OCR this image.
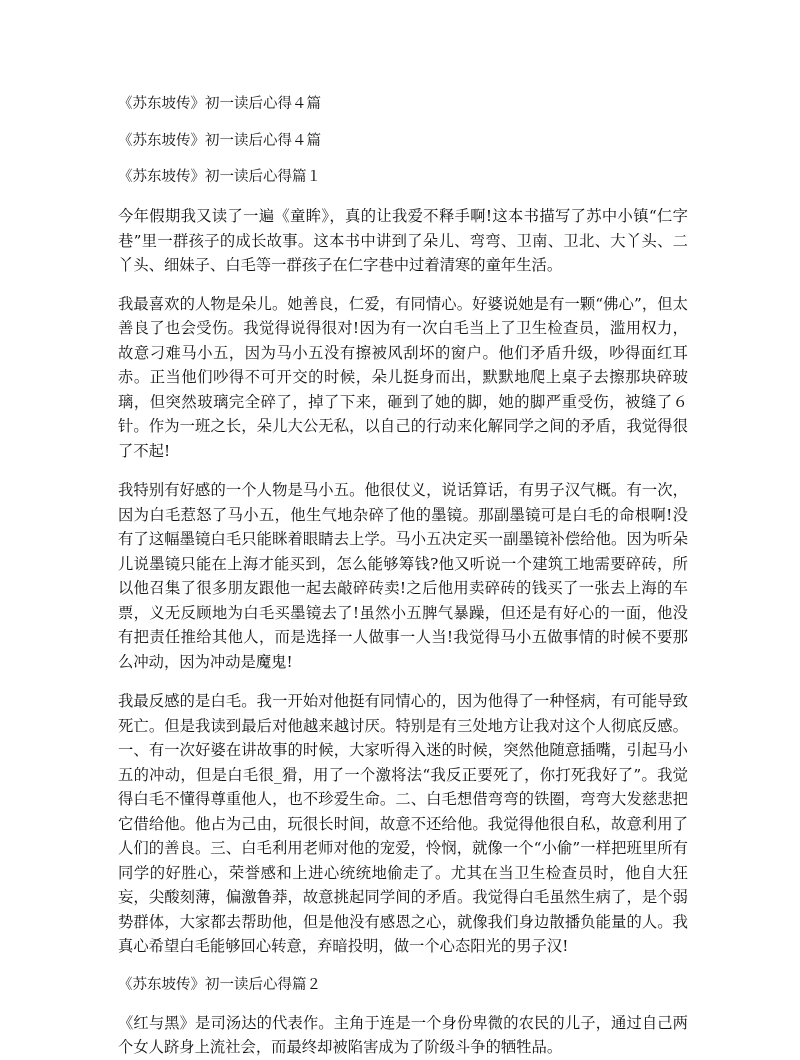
《苏东坡传》初一读后心得４篇

《苏东坡传》初一读后心得４篇

《苏东坡传》初一读后心得篇１

今年假期我又读了一遍《童眸》，真的让我爱不释手啊!这本书描写了苏中小镇“仁字巷”里一群孩子的成长故事。这本书中讲到了朵儿、弯弯、卫南、卫北、大丫头、二丫头、细妹子、白毛等一群孩子在仁字巷中过着清寒的童年生活。

我最喜欢的人物是朵儿。她善良，仁爱，有同情心。好婆说她是有一颗“佛心”，但太善良了也会受伤。我觉得说得很对!因为有一次白毛当上了卫生检查员，滥用权力，故意刁难马小五，因为马小五没有擦被风刮坏的窗户。他们矛盾升级，吵得面红耳赤。正当他们吵得不可开交的时候，朵儿挺身而出，默默地爬上桌子去擦那块碎玻璃，但突然玻璃完全碎了，掉了下来，砸到了她的脚，她的脚严重受伤，被缝了６针。作为一班之长，朵儿大公无私，以自己的行动来化解同学之间的矛盾，我觉得很了不起!

我特别有好感的一个人物是马小五。他很仗义，说话算话，有男子汉气概。有一次，因为白毛惹怒了马小五，他生气地杂碎了他的墨镜。那副墨镜可是白毛的命根啊!没有了这幅墨镜白毛只能眯着眼睛去上学。马小五决定买一副墨镜补偿给他。因为听朵儿说墨镜只能在上海才能买到，怎么能够筹钱?他又听说一个建筑工地需要碎砖，所以他召集了很多朋友跟他一起去敲碎砖卖!之后他用卖碎砖的钱买了一张去上海的车票，义无反顾地为白毛买墨镜去了!虽然小五脾气暴躁，但还是有好心的一面，他没有把责任推给其他人，而是选择一人做事一人当!我觉得马小五做事情的时候不要那么冲动，因为冲动是魔鬼!

我最反感的是白毛。我一开始对他挺有同情心的，因为他得了一种怪病，有可能导致死亡。但是我读到最后对他越来越讨厌。特别是有三处地方让我对这个人彻底反感。一、有一次好婆在讲故事的时候，大家听得入迷的时候，突然他随意插嘴，引起马小五的冲动，但是白毛很_猾，用了一个激将法“我反正要死了，你打死我好了”。我觉得白毛不懂得尊重他人，也不珍爱生命。二、白毛想借弯弯的铁圈，弯弯大发慈悲把它借给他。他占为己由，玩很长时间，故意不还给他。我觉得他很自私，故意利用了人们的善良。三、白毛利用老师对他的宠爱，怜悯，就像一个“小偷”一样把班里所有同学的好胜心，荣誉感和上进心统统地偷走了。尤其在当卫生检查员时，他自大狂妄，尖酸刻薄，偏激鲁莽，故意挑起同学间的矛盾。我觉得白毛虽然生病了，是个弱势群体，大家都去帮助他，但是他没有感恩之心，就像我们身边散播负能量的人。我真心希望白毛能够回心转意，弃暗投明，做一个心态阳光的男子汉!

《苏东坡传》初一读后心得篇２

《红与黑》是司汤达的代表作。主角于连是一个身份卑微的农民的儿子，通过自己两个女人跻身上流社会，而最终却被陷害成为了阶级斗争的牺牲品。
